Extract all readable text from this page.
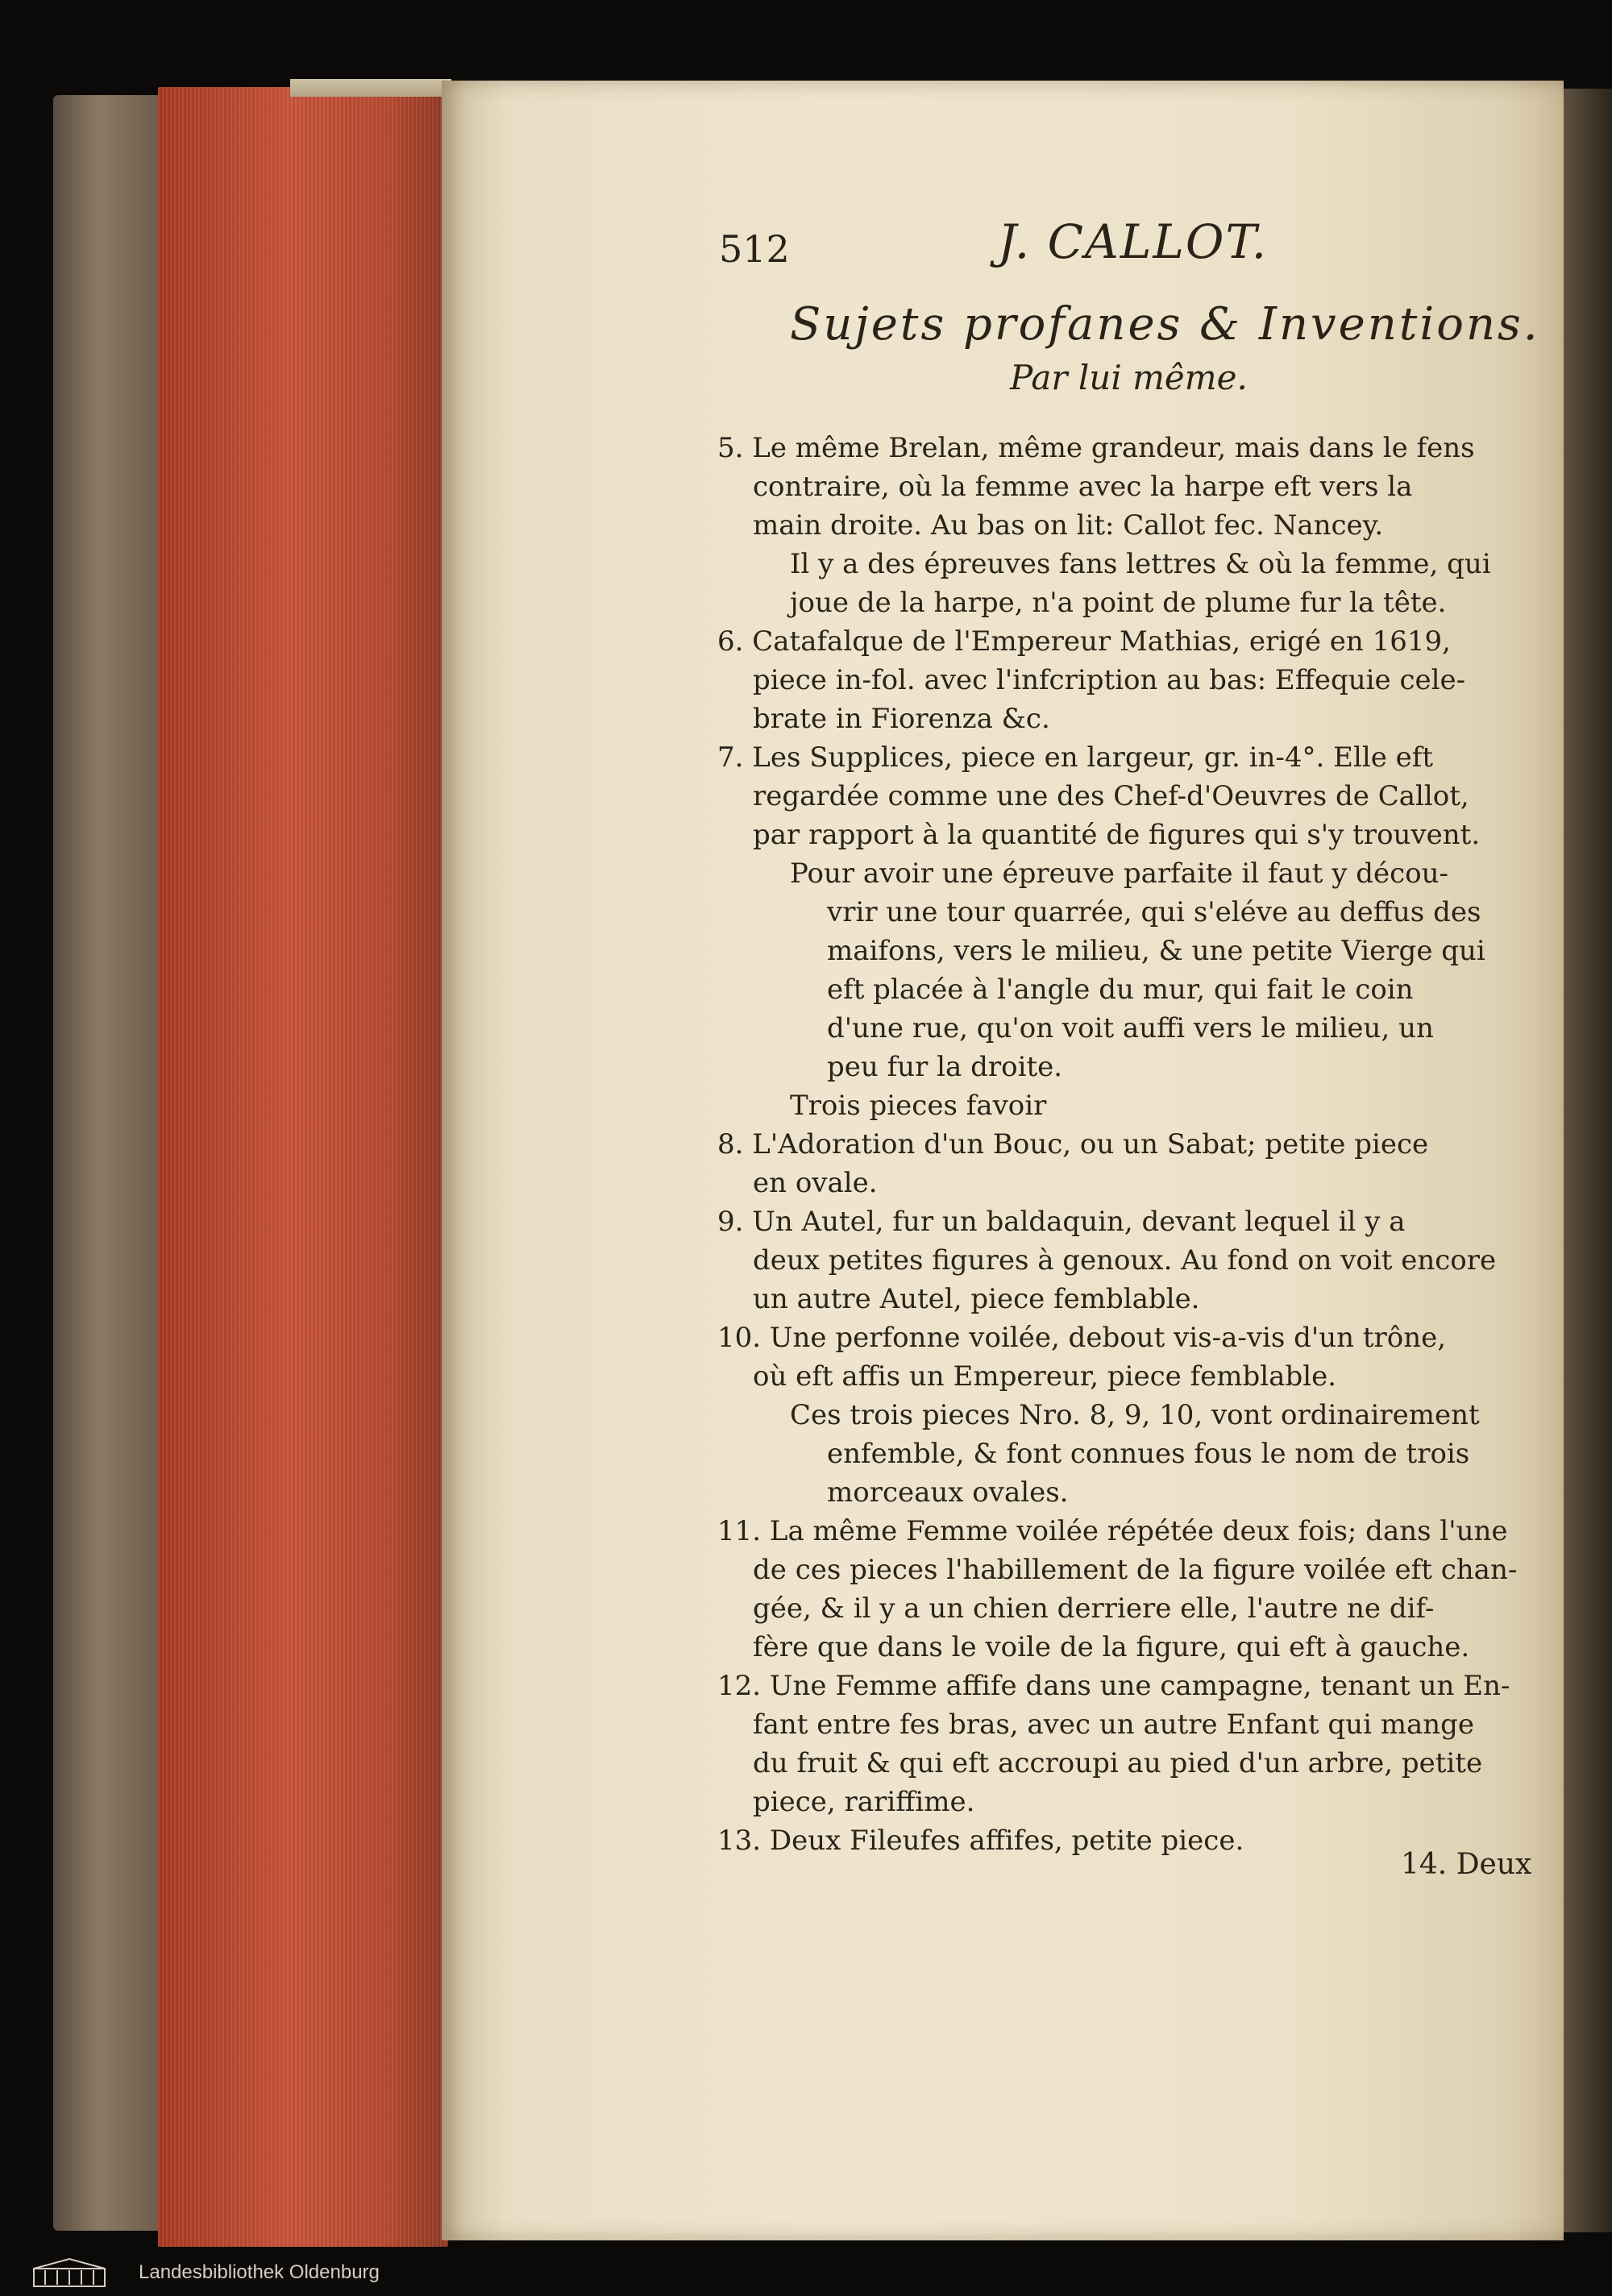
512	J. CALLOT.
Sujets profanes & Inventions.
Par lui même.
5. Le même Brelan, même grandeur, mais dans le fens
contraire, où la femme avec la harpe eft vers la
main droite. Au bas on lit: Callot fec. Nancey.
Il y a des épreuves fans lettres & où la femme, qui
joue de la harpe, n'a point de plume fur la tête.
6. Catafalque de l'Empereur Mathias, erigé en 1619,
piece in-fol. avec l'infcription au bas: Effequie cele-
brate in Fiorenza &c.
7. Les Supplices, piece en largeur, gr. in-4°. Elle eft
regardée comme une des Chef-d'Oeuvres de Callot,
par rapport à la quantité de figures qui s'y trouvent.
Pour avoir une épreuve parfaite il faut y décou-
vrir une tour quarrée, qui s'eléve au deffus des
maifons, vers le milieu, & une petite Vierge qui
eft placée à l'angle du mur, qui fait le coin
d'une rue, qu'on voit auffi vers le milieu, un
peu fur la droite.
Trois pieces favoir
8. L'Adoration d'un Bouc, ou un Sabat; petite piece
en ovale.
9. Un Autel, fur un baldaquin, devant lequel il y a
deux petites figures à genoux. Au fond on voit encore
un autre Autel, piece femblable.
10. Une perfonne voilée, debout vis-a-vis d'un trône,
où eft affis un Empereur, piece femblable.
Ces trois pieces Nro. 8, 9, 10, vont ordinairement
enfemble, & font connues fous le nom de trois
morceaux ovales.
11. La même Femme voilée répétée deux fois; dans l'une
de ces pieces l'habillement de la figure voilée eft chan-
gée, & il y a un chien derriere elle, l'autre ne dif-
fère que dans le voile de la figure, qui eft à gauche.
12. Une Femme affife dans une campagne, tenant un En-
fant entre fes bras, avec un autre Enfant qui mange
du fruit & qui eft accroupi au pied d'un arbre, petite
piece, rariffime.
13. Deux Fileufes affifes, petite piece.
14. Deux
Landesbibliothek Oldenburg
